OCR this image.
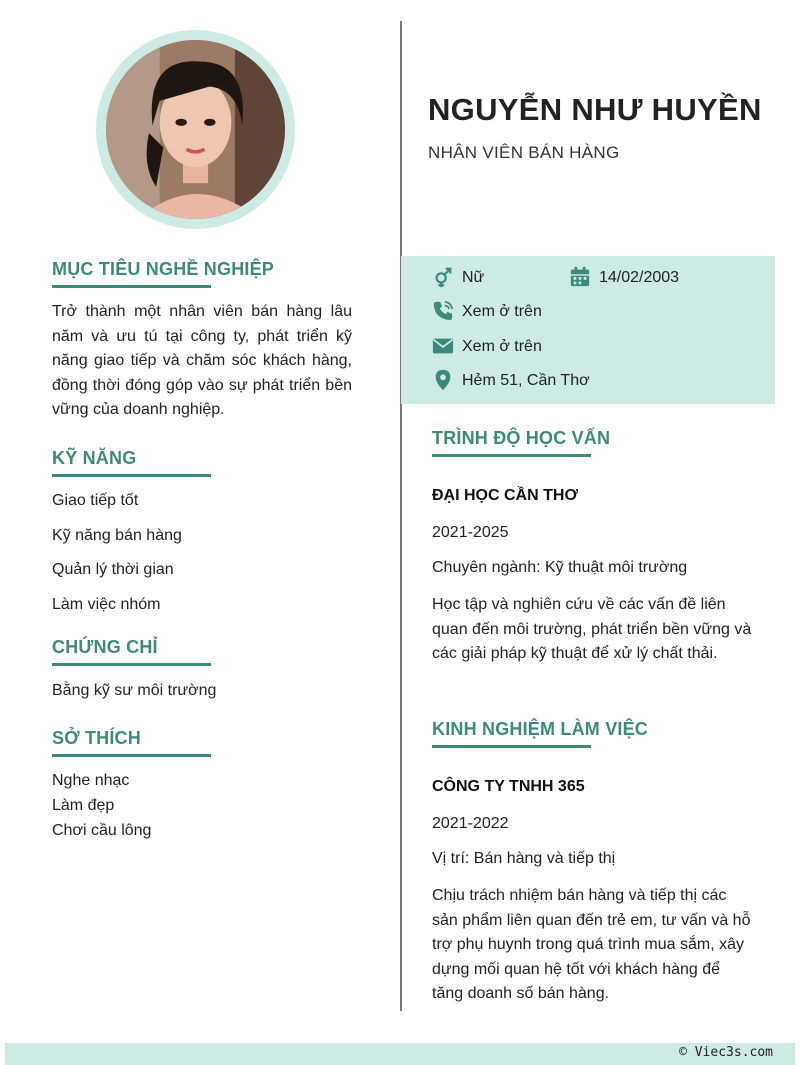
NGUYỄN NHƯ HUYỀN
NHÂN VIÊN BÁN HÀNG
Nữ	14/02/2003
Xem ở trên
Xem ở trên
Hẻm 51, Cần Thơ
MỤC TIÊU NGHỀ NGHIỆP
Trở thành một nhân viên bán hàng lâu năm và ưu tú tại công ty, phát triển kỹ năng giao tiếp và chăm sóc khách hàng, đồng thời đóng góp vào sự phát triển bền vững của doanh nghiệp.
KỸ NĂNG
Giao tiếp tốt
Kỹ năng bán hàng
Quản lý thời gian
Làm việc nhóm
CHỨNG CHỈ
Bằng kỹ sư môi trường
SỞ THÍCH
Nghe nhạc
Làm đẹp
Chơi cầu lông
TRÌNH ĐỘ HỌC VẤN
ĐẠI HỌC CẦN THƠ
2021-2025
Chuyên ngành: Kỹ thuật môi trường
Học tập và nghiên cứu về các vấn đề liên quan đến môi trường, phát triển bền vững và các giải pháp kỹ thuật để xử lý chất thải.
KINH NGHIỆM LÀM VIỆC
CÔNG TY TNHH 365
2021-2022
Vị trí: Bán hàng và tiếp thị
Chịu trách nhiệm bán hàng và tiếp thị các sản phẩm liên quan đến trẻ em, tư vấn và hỗ trợ phụ huynh trong quá trình mua sắm, xây dựng mối quan hệ tốt với khách hàng để tăng doanh số bán hàng.
© Viec3s.com
